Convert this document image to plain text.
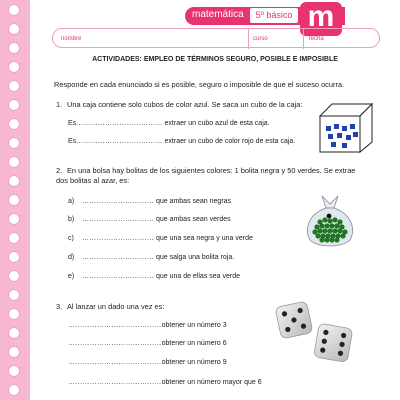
matemática	5º básico m
nombre	curso	fecha
ACTIVIDADES: EMPLEO DE TÉRMINOS SEGURO, POSIBLE E IMPOSIBLE
Responde en cada enunciado si es posible, seguro o imposible de que el suceso ocurra.
1. Una caja contiene solo cubos de color azul. Se saca un cubo de la caja:
Es……………………………… extraer un cubo azul de esta caja.
Es……………………………… extraer un cubo de color rojo de esta caja.
2. En una bolsa hay bolitas de los siguientes colores: 1 bolita negra y 50 verdes. Se extrae dos bolitas al azar, es:
a) ………………………… que ambas sean negras
b) ………………………… que ambas sean verdes
c) ………………………… que una sea negra y una verde
d) ………………………… que salga una bolita roja.
e) ………………………… que una de ellas sea verde
3. Al lanzar un dado una vez es:
…………………………………obtener un número 3
…………………………………obtener un número 6
…………………………………obtener un número 9
…………………………………obtener un número mayor que 6
